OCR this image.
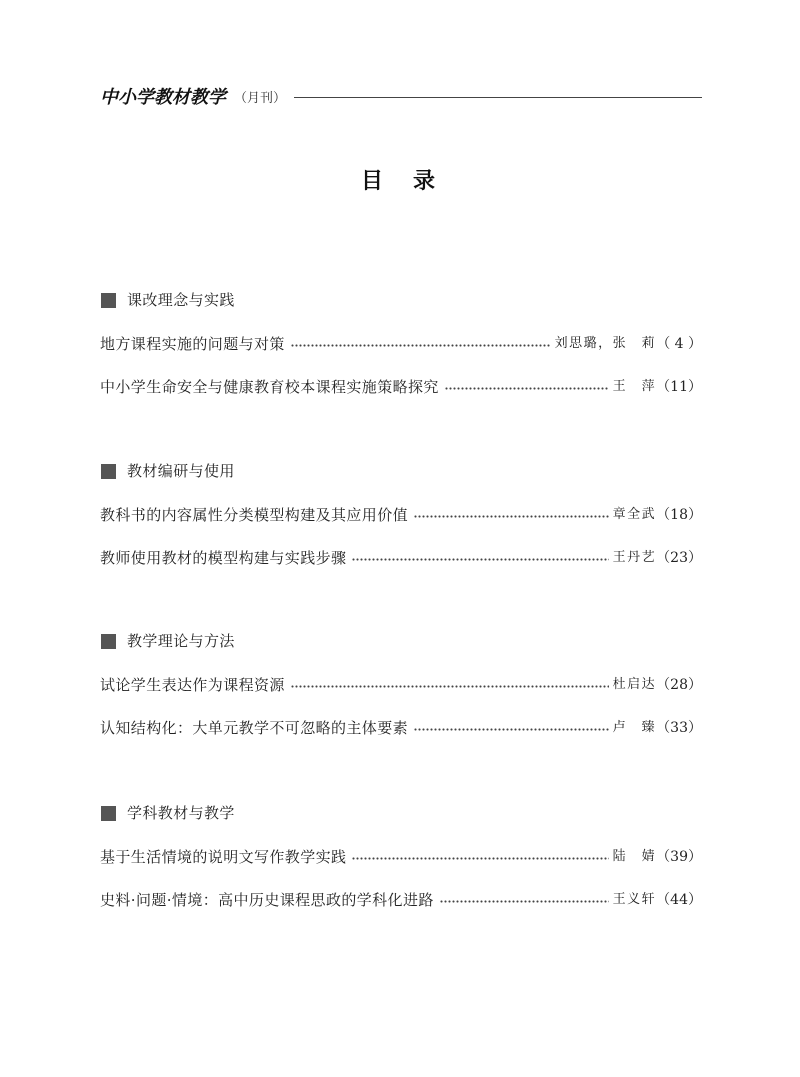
中小学教材教学 （月刊）
目　录
课改理念与实践
地方课程实施的问题与对策	刘思璐，张　莉 （ 4 ）
中小学生命安全与健康教育校本课程实施策略探究	王　萍 （11）
教材编研与使用
教科书的内容属性分类模型构建及其应用价值	章全武 （18）
教师使用教材的模型构建与实践步骤	王丹艺 （23）
教学理论与方法
试论学生表达作为课程资源	杜启达 （28）
认知结构化：大单元教学不可忽略的主体要素	卢　臻 （33）
学科教材与教学
基于生活情境的说明文写作教学实践	陆　婧 （39）
史料·问题·情境：高中历史课程思政的学科化进路	王义轩 （44）
